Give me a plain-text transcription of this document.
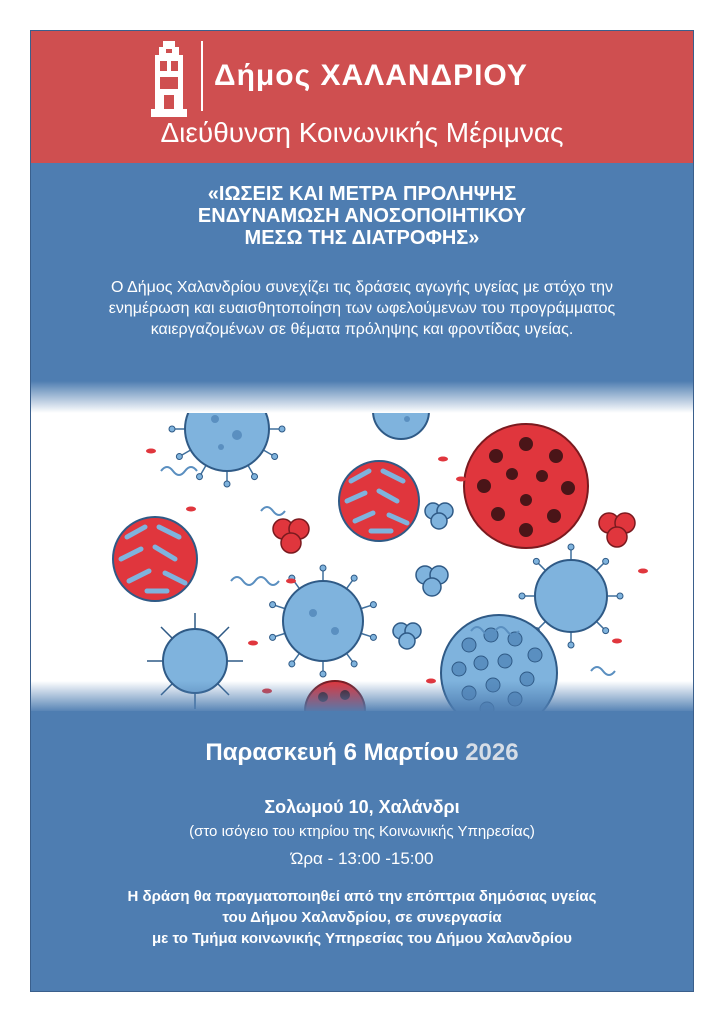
Δήμος ΧΑΛΑΝΔΡΙΟΥ
Διεύθυνση Κοινωνικής Μέριμνας
«ΙΩΣΕΙΣ ΚΑΙ ΜΕΤΡΑ ΠΡΟΛΗΨΗΣ
ΕΝΔΥΝΑΜΩΣΗ ΑΝΟΣΟΠΟΙΗΤΙΚΟΥ
ΜΕΣΩ ΤΗΣ ΔΙΑΤΡΟΦΗΣ»
Ο Δήμος Χαλανδρίου συνεχίζει τις δράσεις αγωγής υγείας με στόχο την
ενημέρωση και ευαισθητοποίηση των ωφελούμενων του προγράμματος
καιεργαζομένων σε θέματα πρόληψης και φροντίδας υγείας.
Παρασκευή 6 Μαρτίου 2026
Σολωμού 10, Χαλάνδρι
(στο ισόγειο του κτηρίου της Κοινωνικής Υπηρεσίας)
Ώρα - 13:00 -15:00
Η δράση θα πραγματοποιηθεί από την επόπτρια δημόσιας υγείας
του Δήμου Χαλανδρίου, σε συνεργασία
με το Τμήμα κοινωνικής Υπηρεσίας του Δήμου Χαλανδρίου
